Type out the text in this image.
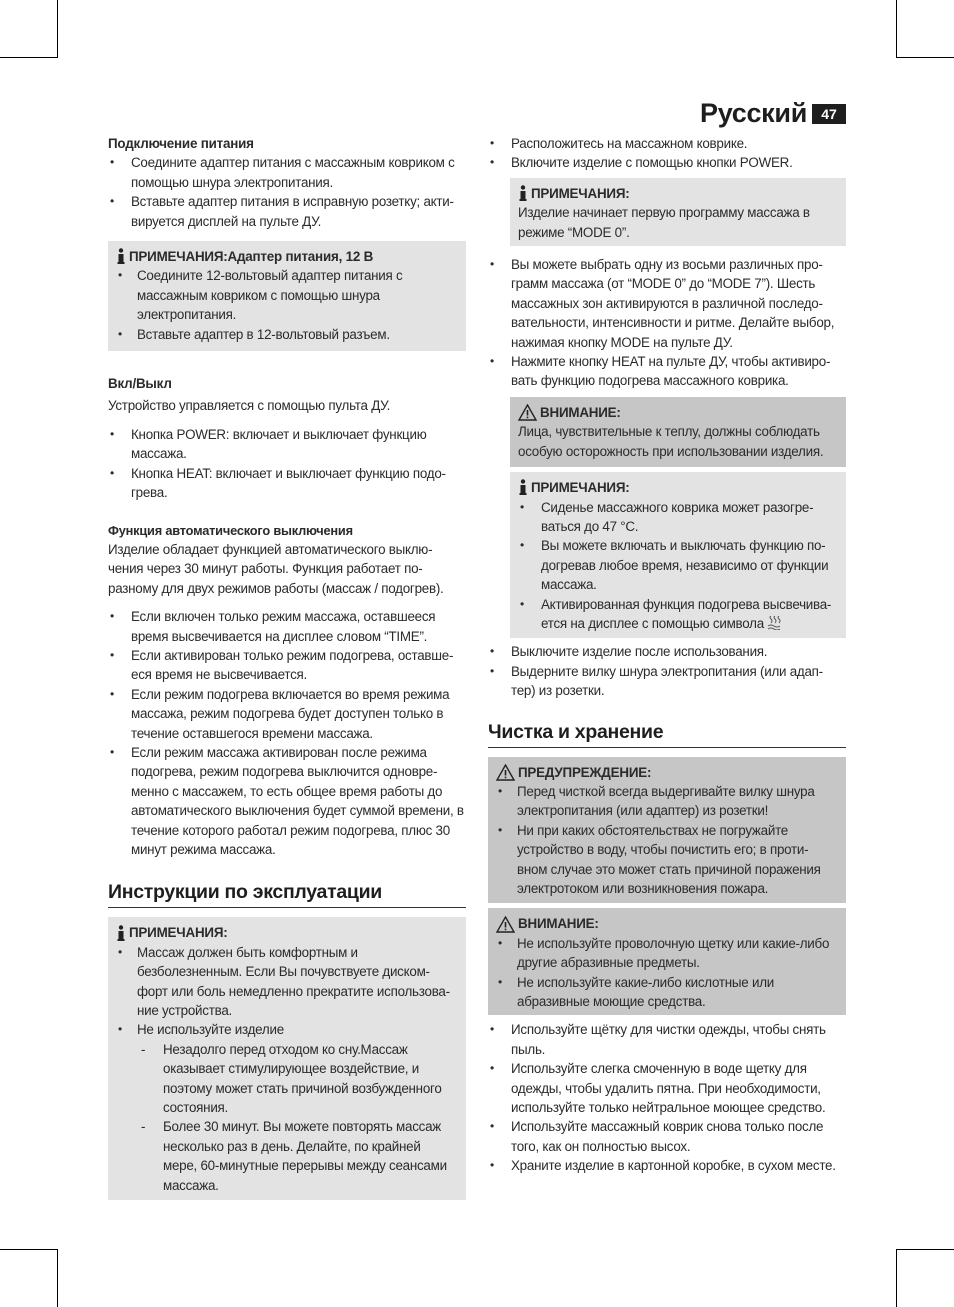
Русский	47

Подключение питания

• Соедините адаптер питания с массажным ковриком с помощью шнура электропитания.
• Вставьте адаптер питания в исправную розетку; акти-вируется дисплей на пульте ДУ.
ПРИМЕЧАНИЯ:Адаптер питания, 12 В
• Соедините 12-вольтовый адаптер питания с массажным ковриком с помощью шнура электропитания.
• Вставьте адаптер в 12-вольтовый разъем.

Вкл/Выкл

Устройство управляется с помощью пульта ДУ.

• Кнопка POWER: включает и выключает функцию массажа.
• Кнопка HEAT: включает и выключает функцию подо-грева.

Функция автоматического выключения

Изделие обладает функцией автоматического выклю-чения через 30 минут работы. Функция работает по-разному для двух режимов работы (массаж / подогрев).

• Если включен только режим массажа, оставшееся время высвечивается на дисплее словом “TIME”.
• Если активирован только режим подогрева, оставше-еся время не высвечивается.
• Если режим подогрева включается во время режима массажа, режим подогрева будет доступен только в течение оставшегося времени массажа.
• Если режим массажа активирован после режима подогрева, режим подогрева выключится одновре-менно с массажем, то есть общее время работы до автоматического выключения будет суммой времени, в течение которого работал режим подогрева, плюс 30 минут режима массажа.
Инструкции по эксплуатации
ПРИМЕЧАНИЯ:
• Массаж должен быть комфортным и безболезненным. Если Вы почувствуете диском-форт или боль немедленно прекратите использова-ние устройства.
• Не используйте изделие
- Незадолго перед отходом ко сну.Массаж оказывает стимулирующее воздействие, и поэтому может стать причиной возбужденного состояния.
- Более 30 минут. Вы можете повторять массаж несколько раз в день. Делайте, по крайней мере, 60-минутные перерывы между сеансами массажа.
• Расположитесь на массажном коврике.
• Включите изделие с помощью кнопки POWER.
ПРИМЕЧАНИЯ:

Изделие начинает первую программу массажа в режиме “MODE 0”.

• Вы можете выбрать одну из восьми различных про-грамм массажа (от “MODE 0” до “MODE 7”). Шесть массажных зон активируются в различной последо-вательности, интенсивности и ритме. Делайте выбор, нажимая кнопку MODE на пульте ДУ.
• Нажмите кнопку HEAT на пульте ДУ, чтобы активиро-вать функцию подогрева массажного коврика.
ВНИМАНИЕ:

Лица, чувствительные к теплу, должны соблюдать особую осторожность при использовании изделия.

ПРИМЕЧАНИЯ:
• Сиденье массажного коврика может разогре-ваться до 47 °С.
• Вы можете включать и выключать функцию по-догревав любое время, независимо от функции массажа.
• Активированная функция подогрева высвечива-ется на дисплее с помощью символа
• Выключите изделие после использования.
• Выдерните вилку шнура электропитания (или адап-тер) из розетки.
Чистка и хранение
ПРЕДУПРЕЖДЕНИЕ:
• Перед чисткой всегда выдергивайте вилку шнура электропитания (или адаптер) из розетки!
• Ни при каких обстоятельствах не погружайте устройство в воду, чтобы почистить его; в проти-вном случае это может стать причиной поражения электротоком или возникновения пожара.
ВНИМАНИЕ:
• Не используйте проволочную щетку или какие-либо другие абразивные предметы.
• Не используйте какие-либо кислотные или абразивные моющие средства.
• Используйте щётку для чистки одежды, чтобы снять пыль.
• Используйте слегка смоченную в воде щетку для одежды, чтобы удалить пятна. При необходимости, используйте только нейтральное моющее средство.
• Используйте массажный коврик снова только после того, как он полностью высох.
• Храните изделие в картонной коробке, в сухом месте.
